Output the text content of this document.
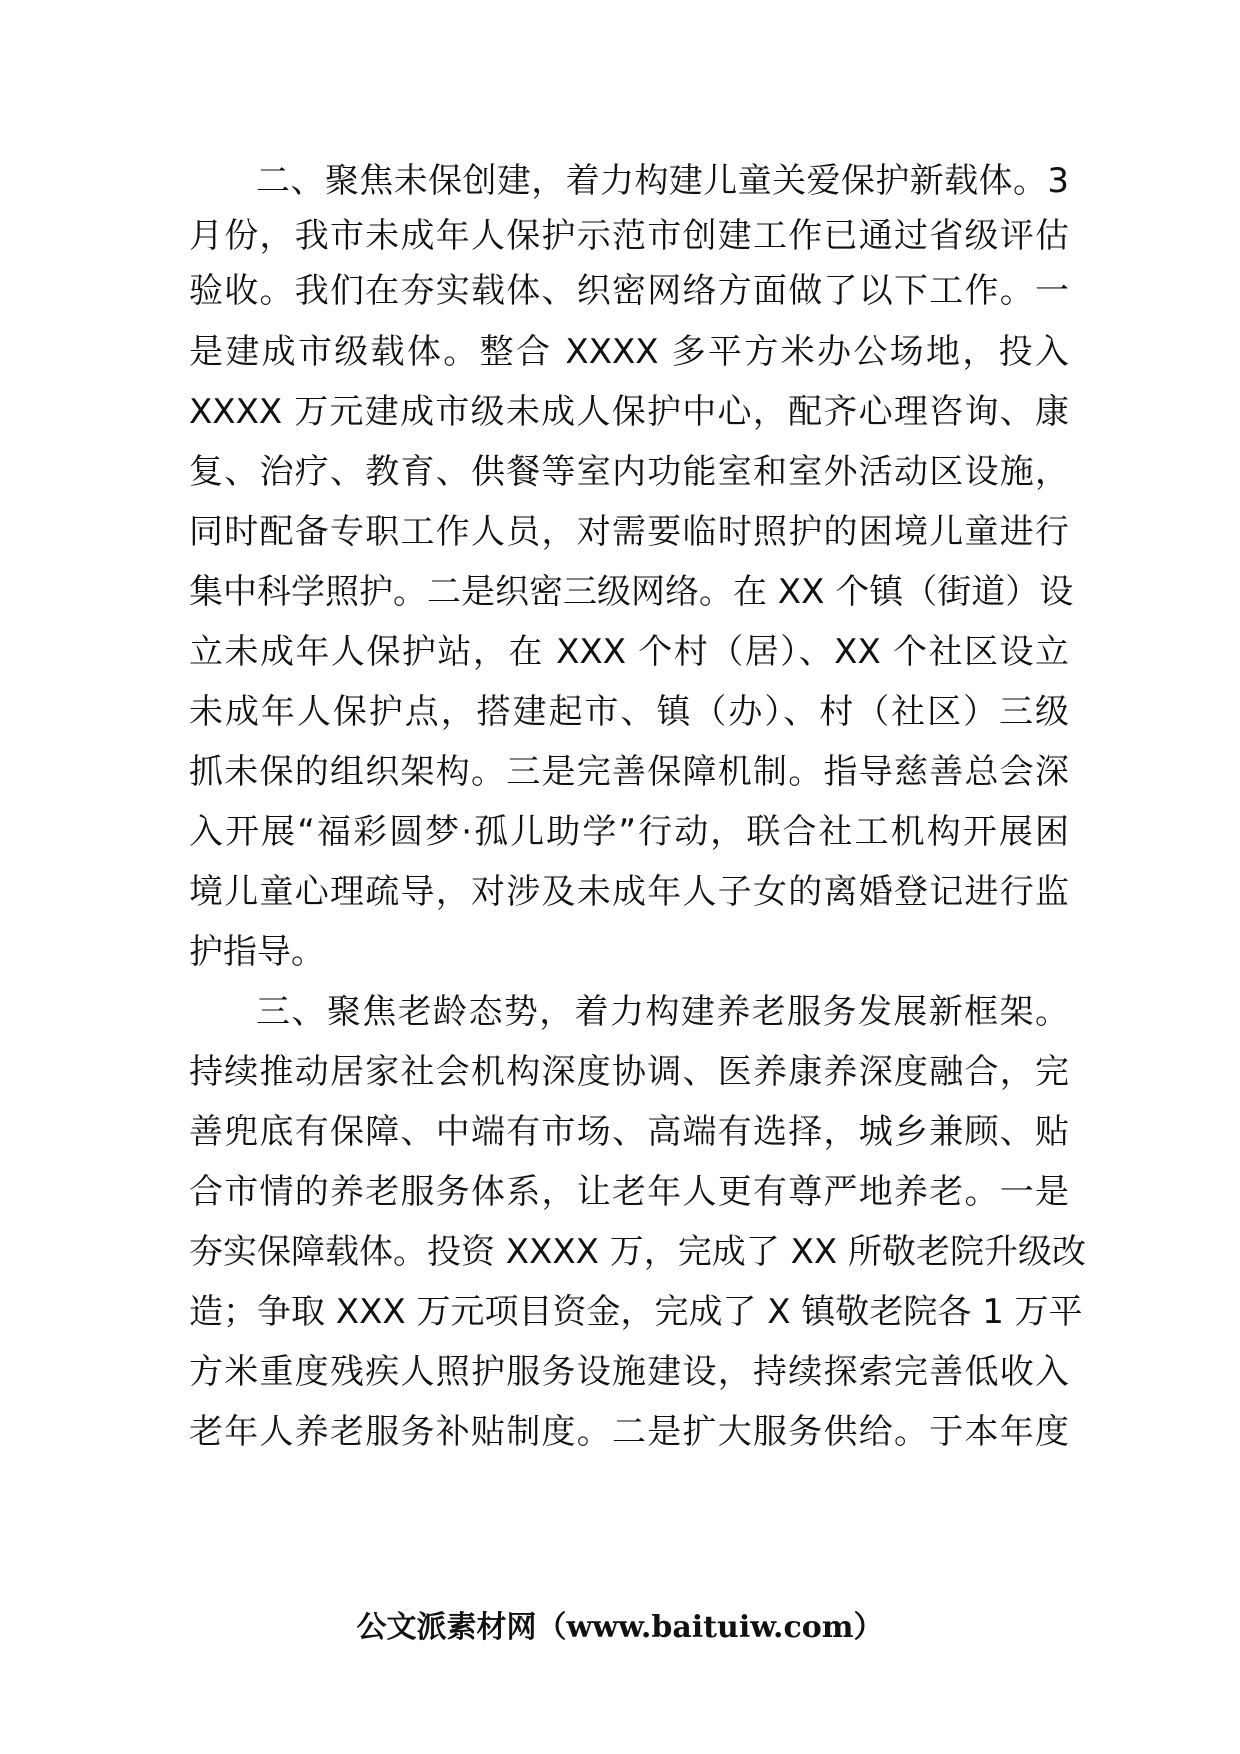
二、聚焦未保创建，着力构建儿童关爱保护新载体。3
月份，我市未成年人保护示范市创建工作已通过省级评估
验收。我们在夯实载体、织密网络方面做了以下工作。一
是建成市级载体。整合 XXXX 多平方米办公场地，投入
XXXX 万元建成市级未成人保护中心，配齐心理咨询、康
复、治疗、教育、供餐等室内功能室和室外活动区设施，
同时配备专职工作人员，对需要临时照护的困境儿童进行
集中科学照护。二是织密三级网络。在 XX 个镇（街道）设
立未成年人保护站，在 XXX 个村（居）、XX 个社区设立
未成年人保护点，搭建起市、镇（办）、村（社区）三级
抓未保的组织架构。三是完善保障机制。指导慈善总会深
入开展“福彩圆梦·孤儿助学”行动，联合社工机构开展困
境儿童心理疏导，对涉及未成年人子女的离婚登记进行监
护指导。
三、聚焦老龄态势，着力构建养老服务发展新框架。
持续推动居家社会机构深度协调、医养康养深度融合，完
善兜底有保障、中端有市场、高端有选择，城乡兼顾、贴
合市情的养老服务体系，让老年人更有尊严地养老。一是
夯实保障载体。投资 XXXX 万，完成了 XX 所敬老院升级改
造；争取 XXX 万元项目资金，完成了 X 镇敬老院各 1 万平
方米重度残疾人照护服务设施建设，持续探索完善低收入
老年人养老服务补贴制度。二是扩大服务供给。于本年度
公文派素材网（www.baituiw.com）
